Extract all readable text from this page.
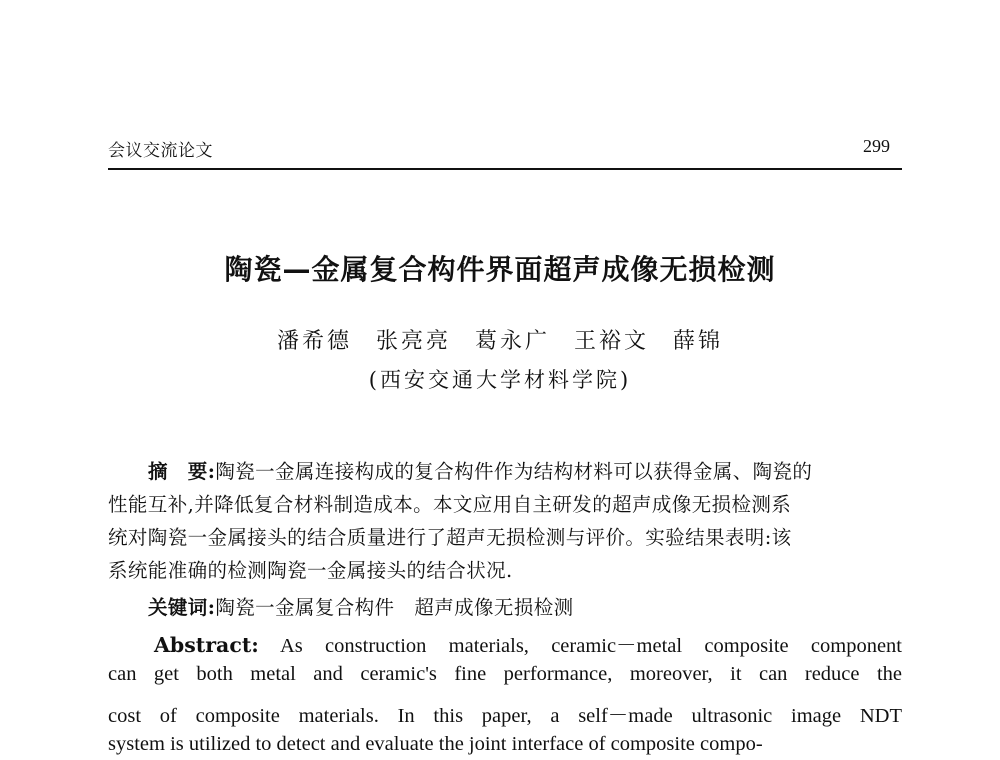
会议交流论文	299
陶瓷—金属复合构件界面超声成像无损检测
潘希德 张亮亮 葛永广 王裕文 薛锦
(西安交通大学材料学院)
摘　要:陶瓷一金属连接构成的复合构件作为结构材料可以获得金属、陶瓷的
性能互补,并降低复合材料制造成本。本文应用自主研发的超声成像无损检测系
统对陶瓷一金属接头的结合质量进行了超声无损检测与评价。实验结果表明:该
系统能准确的检测陶瓷一金属接头的结合状况.
关键词:陶瓷一金属复合构件　超声成像无损检测
Abstract: As construction materials, ceramic－metal composite component
can get both metal and ceramic's fine performance, moreover, it can reduce the
cost of composite materials. In this paper, a self－made ultrasonic image NDT
system is utilized to detect and evaluate the joint interface of composite compo-
